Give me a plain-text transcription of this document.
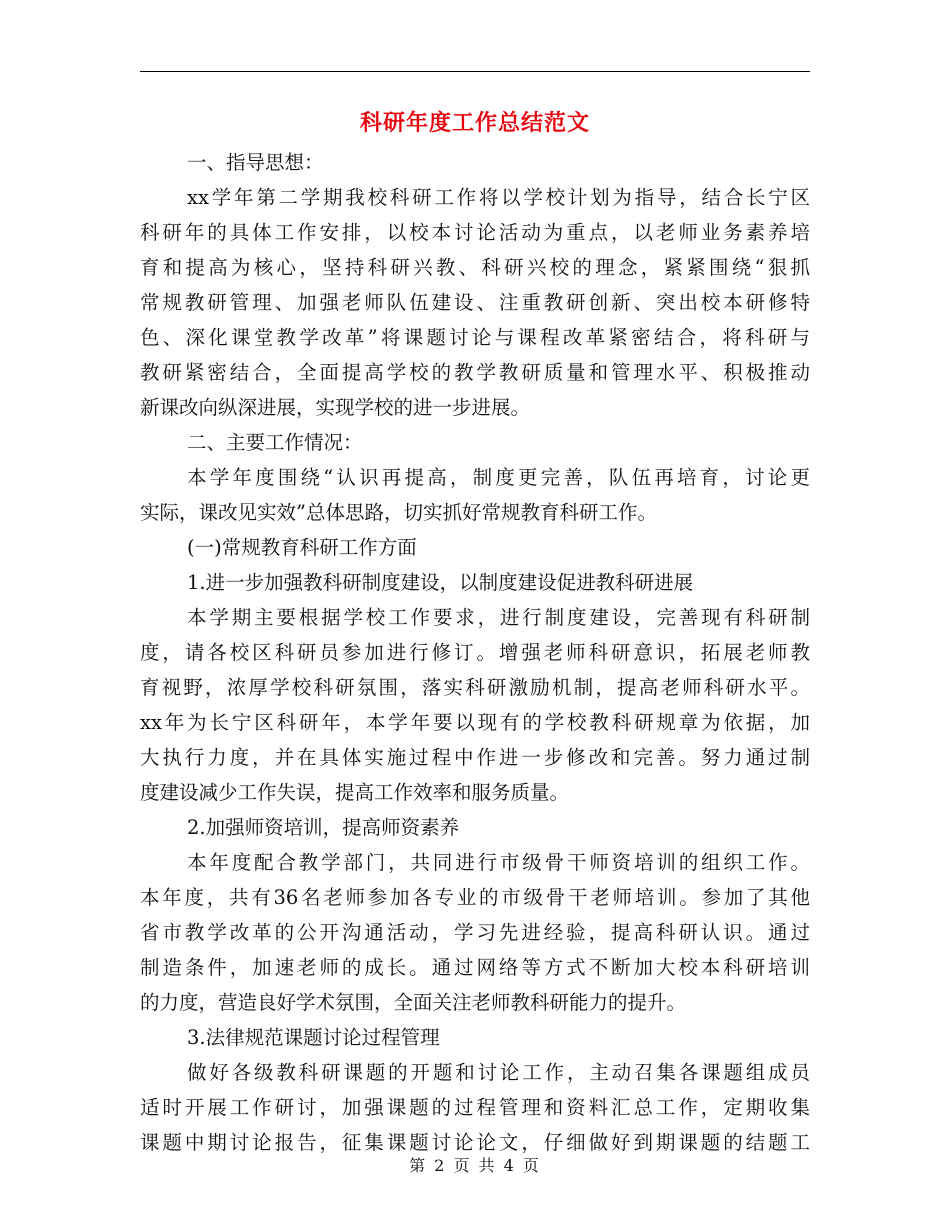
科研年度工作总结范文
一、指导思想：
xx学年第二学期我校科研工作将以学校计划为指导，结合长宁区
科研年的具体工作安排，以校本讨论活动为重点，以老师业务素养培
育和提高为核心，坚持科研兴教、科研兴校的理念，紧紧围绕“狠抓
常规教研管理、加强老师队伍建设、注重教研创新、突出校本研修特
色、深化课堂教学改革”将课题讨论与课程改革紧密结合，将科研与
教研紧密结合，全面提高学校的教学教研质量和管理水平、积极推动
新课改向纵深进展，实现学校的进一步进展。
二、主要工作情况：
本学年度围绕“认识再提高，制度更完善，队伍再培育，讨论更
实际，课改见实效”总体思路，切实抓好常规教育科研工作。
(一)常规教育科研工作方面
1.进一步加强教科研制度建设，以制度建设促进教科研进展
本学期主要根据学校工作要求，进行制度建设，完善现有科研制
度，请各校区科研员参加进行修订。增强老师科研意识，拓展老师教
育视野，浓厚学校科研氛围，落实科研激励机制，提高老师科研水平。
xx年为长宁区科研年，本学年要以现有的学校教科研规章为依据，加
大执行力度，并在具体实施过程中作进一步修改和完善。努力通过制
度建设减少工作失误，提高工作效率和服务质量。
2.加强师资培训，提高师资素养
本年度配合教学部门，共同进行市级骨干师资培训的组织工作。
本年度，共有36名老师参加各专业的市级骨干老师培训。参加了其他
省市教学改革的公开沟通活动，学习先进经验，提高科研认识。通过
制造条件，加速老师的成长。通过网络等方式不断加大校本科研培训
的力度，营造良好学术氛围，全面关注老师教科研能力的提升。
3.法律规范课题讨论过程管理
做好各级教科研课题的开题和讨论工作，主动召集各课题组成员
适时开展工作研讨，加强课题的过程管理和资料汇总工作，定期收集
课题中期讨论报告，征集课题讨论论文，仔细做好到期课题的结题工
第 2 页 共 4 页
